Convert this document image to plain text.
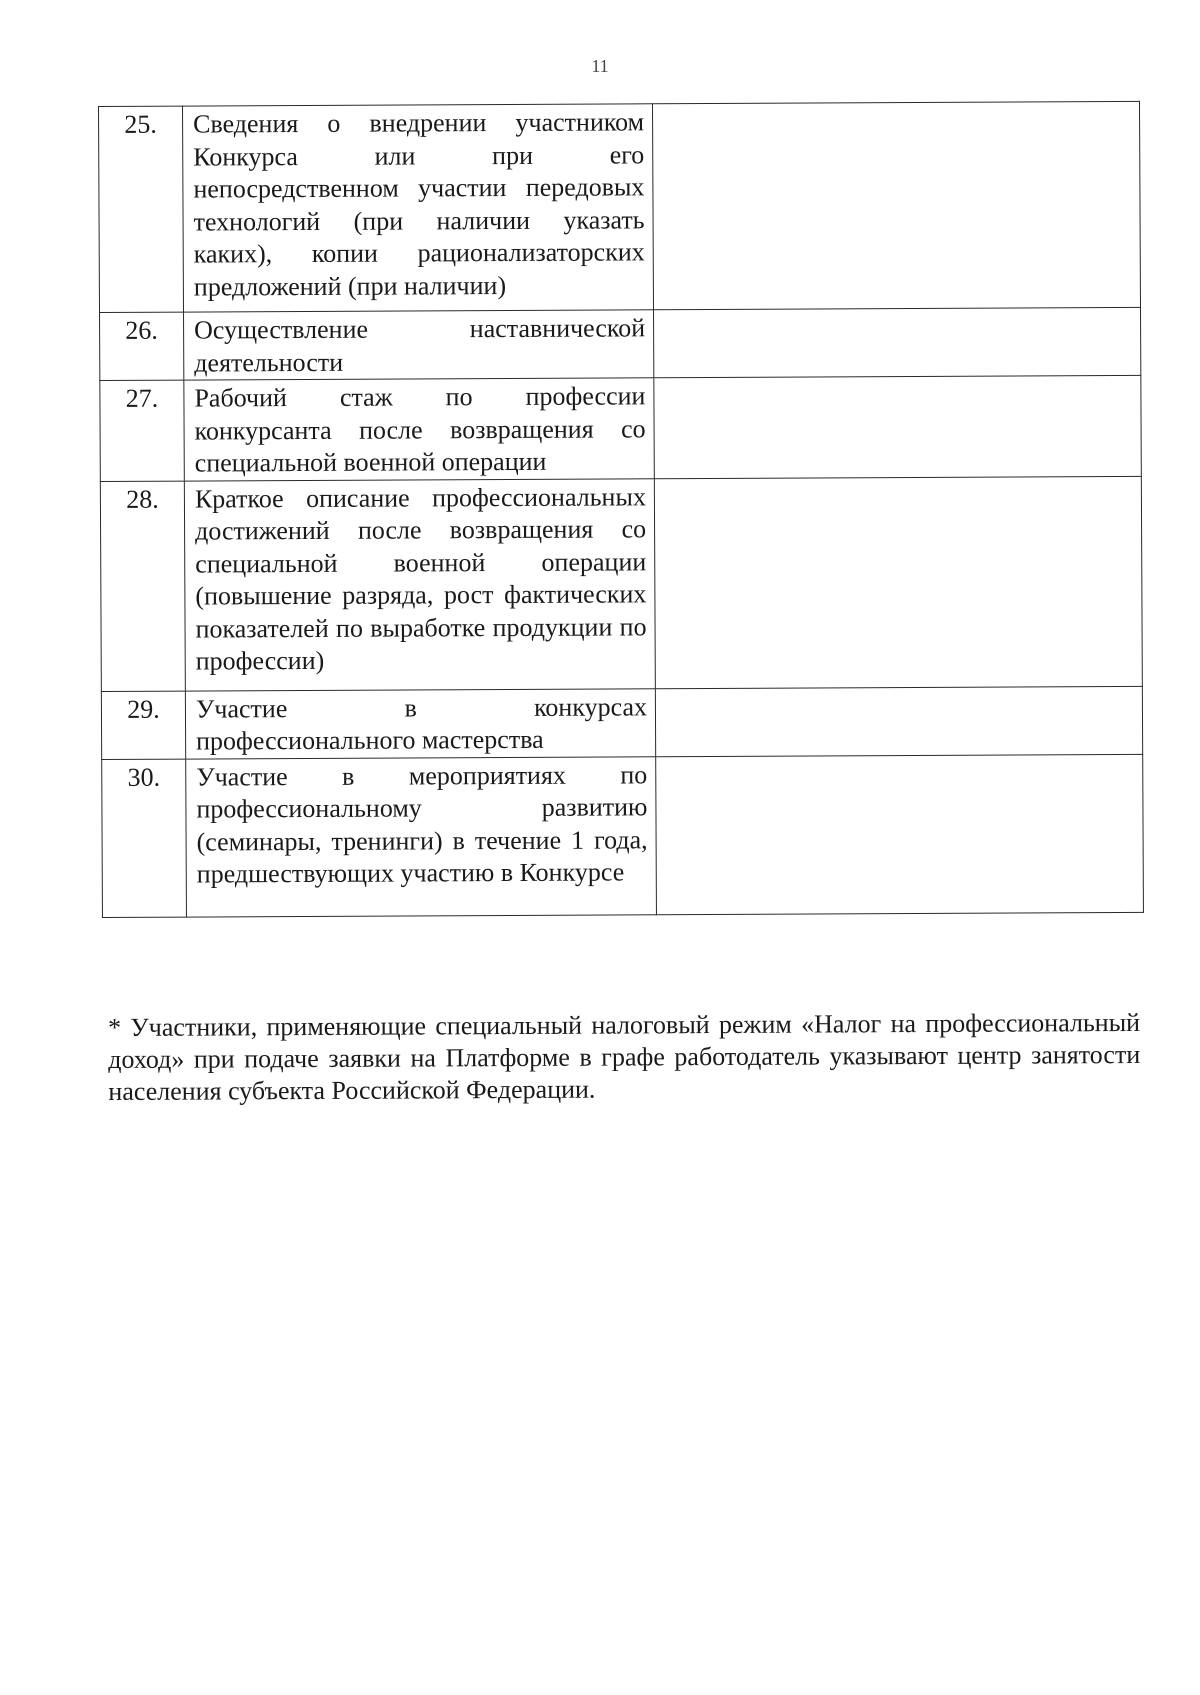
11
25.	Сведения о внедрении участником Конкурса или при его непосредственном участии передовых технологий (при наличии указать каких), копии рационализаторских предложений (при наличии)	
26.	Осуществление наставнической деятельности	
27.	Рабочий стаж по профессии конкурсанта после возвращения со специальной военной операции	
28.	Краткое описание профессиональных достижений после возвращения со специальной военной операции (повышение разряда, рост фактических показателей по выработке продукции по профессии)	
29.	Участие в конкурсах профессионального мастерства	
30.	Участие в мероприятиях по профессиональному развитию (семинары, тренинги) в течение 1 года, предшествующих участию в Конкурсе	

* Участники, применяющие специальный налоговый режим «Налог на профессиональный доход» при подаче заявки на Платформе в графе работодатель указывают центр занятости населения субъекта Российской Федерации.
